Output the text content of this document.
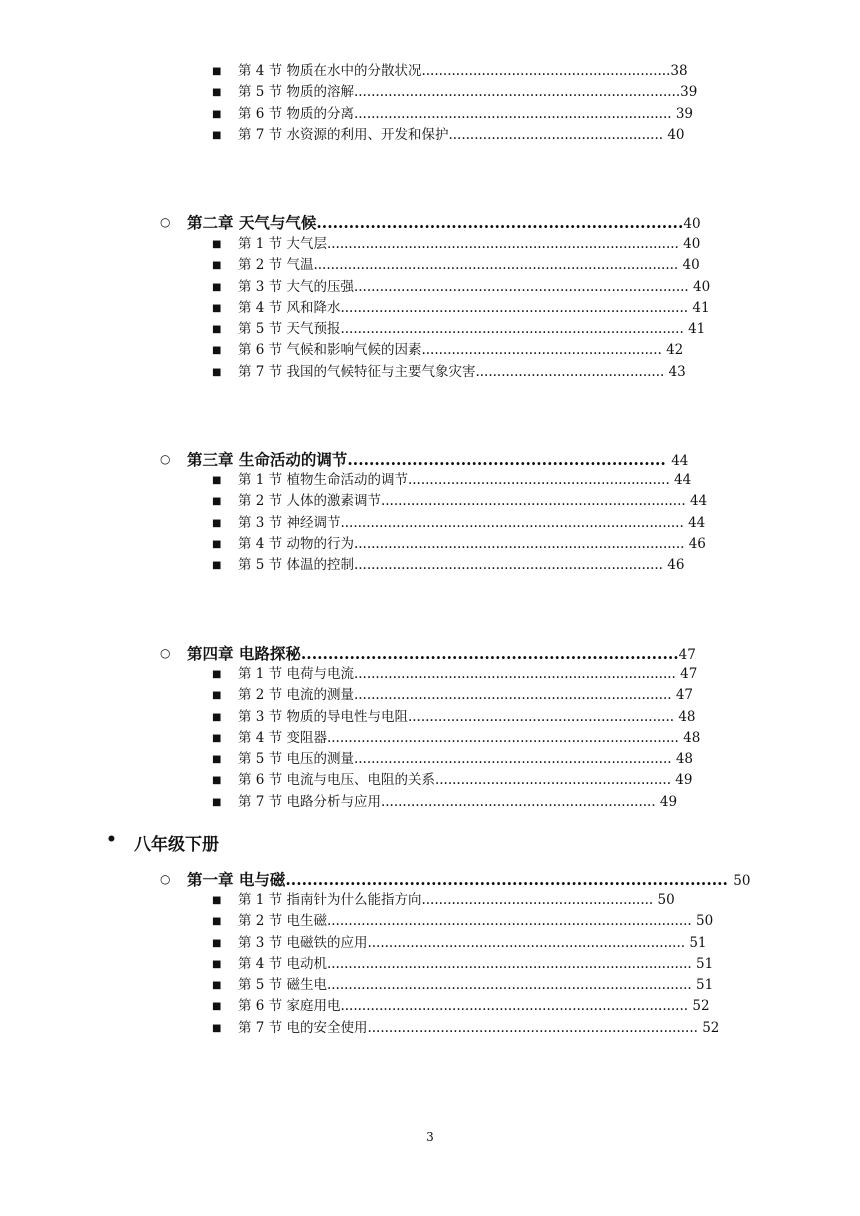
■ 第 4 节 物质在水中的分散状况..........................................................38
■ 第 5 节 物质的溶解............................................................................39
■ 第 6 节 物质的分离.......................................................................... 39
■ 第 7 节 水资源的利用、开发和保护.................................................. 40
○ 第二章 天气与气候....................................................................40
■ 第 1 节 大气层.................................................................................. 40
■ 第 2 节 气温..................................................................................... 40
■ 第 3 节 大气的压强.............................................................................. 40
■ 第 4 节 风和降水................................................................................. 41
■ 第 5 节 天气预报................................................................................ 41
■ 第 6 节 气候和影响气候的因素........................................................ 42
■ 第 7 节 我国的气候特征与主要气象灾害............................................ 43
○ 第三章 生命活动的调节........................................................... 44
■ 第 1 节 植物生命活动的调节............................................................. 44
■ 第 2 节 人体的激素调节....................................................................... 44
■ 第 3 节 神经调节................................................................................ 44
■ 第 4 节 动物的行为............................................................................. 46
■ 第 5 节 体温的控制........................................................................ 46
○ 第四章 电路探秘......................................................................47
■ 第 1 节 电荷与电流........................................................................... 47
■ 第 2 节 电流的测量.......................................................................... 47
■ 第 3 节 物质的导电性与电阻.............................................................. 48
■ 第 4 节 变阻器.................................................................................. 48
■ 第 5 节 电压的测量.......................................................................... 48
■ 第 6 节 电流与电压、电阻的关系....................................................... 49
■ 第 7 节 电路分析与应用................................................................ 49
• 八年级下册
○ 第一章 电与磁.................................................................................. 50
■ 第 1 节 指南针为什么能指方向...................................................... 50
■ 第 2 节 电生磁..................................................................................... 50
■ 第 3 节 电磁铁的应用.......................................................................... 51
■ 第 4 节 电动机..................................................................................... 51
■ 第 5 节 磁生电..................................................................................... 51
■ 第 6 节 家庭用电................................................................................. 52
■ 第 7 节 电的安全使用............................................................................. 52
3
